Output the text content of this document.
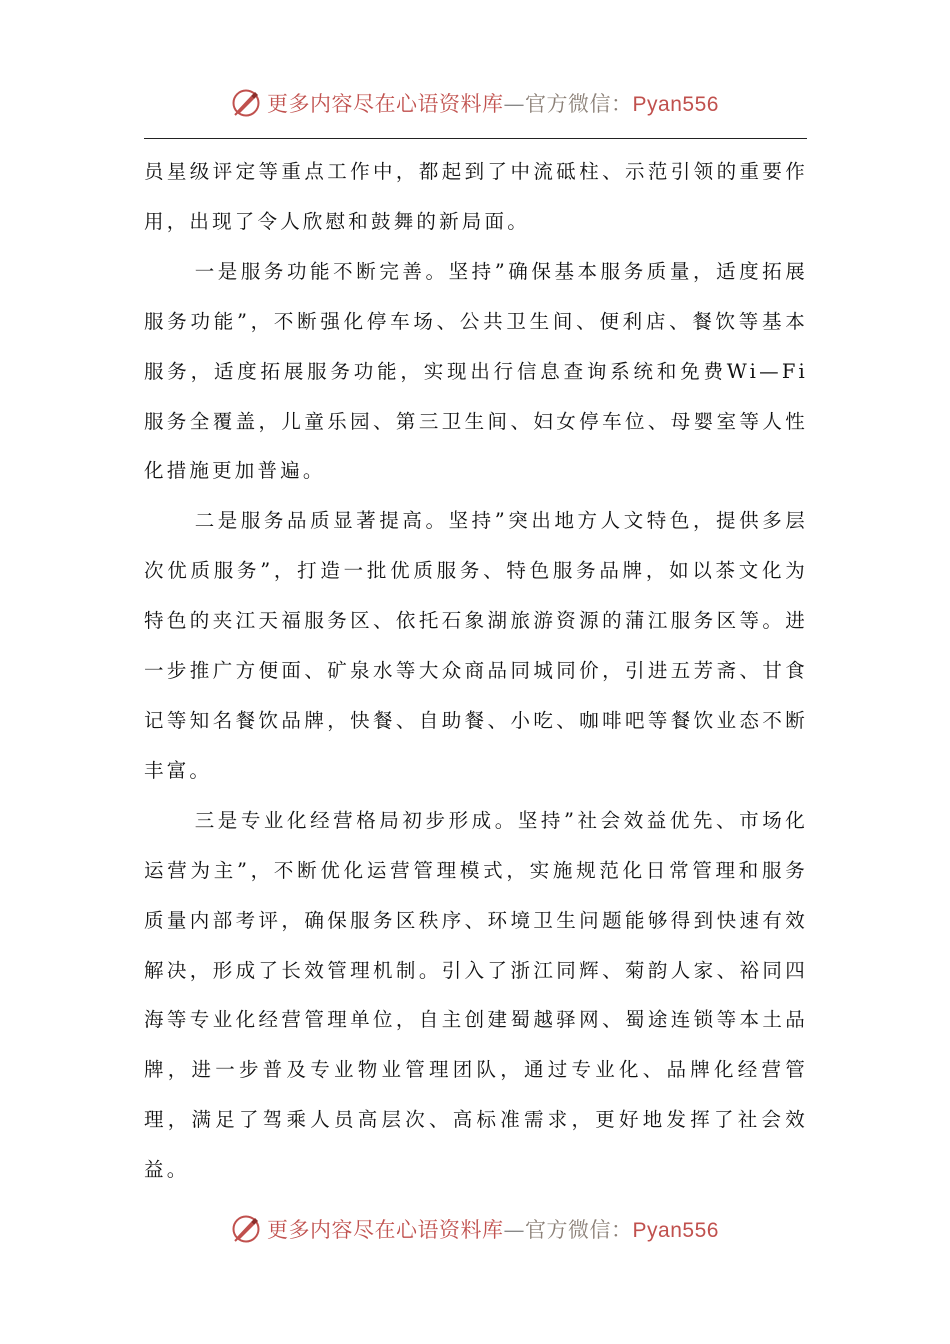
更多内容尽在心语资料库—官方微信：Pyan556

员星级评定等重点工作中，都起到了中流砥柱、示范引领的重要作用，出现了令人欣慰和鼓舞的新局面。

一是服务功能不断完善。坚持”确保基本服务质量，适度拓展服务功能”，不断强化停车场、公共卫生间、便利店、餐饮等基本服务，适度拓展服务功能，实现出行信息查询系统和免费Wi—Fi服务全覆盖，儿童乐园、第三卫生间、妇女停车位、母婴室等人性化措施更加普遍。

二是服务品质显著提高。坚持”突出地方人文特色，提供多层次优质服务”，打造一批优质服务、特色服务品牌，如以茶文化为特色的夹江天福服务区、依托石象湖旅游资源的蒲江服务区等。进一步推广方便面、矿泉水等大众商品同城同价，引进五芳斋、甘食记等知名餐饮品牌，快餐、自助餐、小吃、咖啡吧等餐饮业态不断丰富。

三是专业化经营格局初步形成。坚持”社会效益优先、市场化运营为主”，不断优化运营管理模式，实施规范化日常管理和服务质量内部考评，确保服务区秩序、环境卫生问题能够得到快速有效解决，形成了长效管理机制。引入了浙江同辉、菊韵人家、裕同四海等专业化经营管理单位，自主创建蜀越驿网、蜀途连锁等本土品牌，进一步普及专业物业管理团队，通过专业化、品牌化经营管理，满足了驾乘人员高层次、高标准需求，更好地发挥了社会效益。

更多内容尽在心语资料库—官方微信：Pyan556
